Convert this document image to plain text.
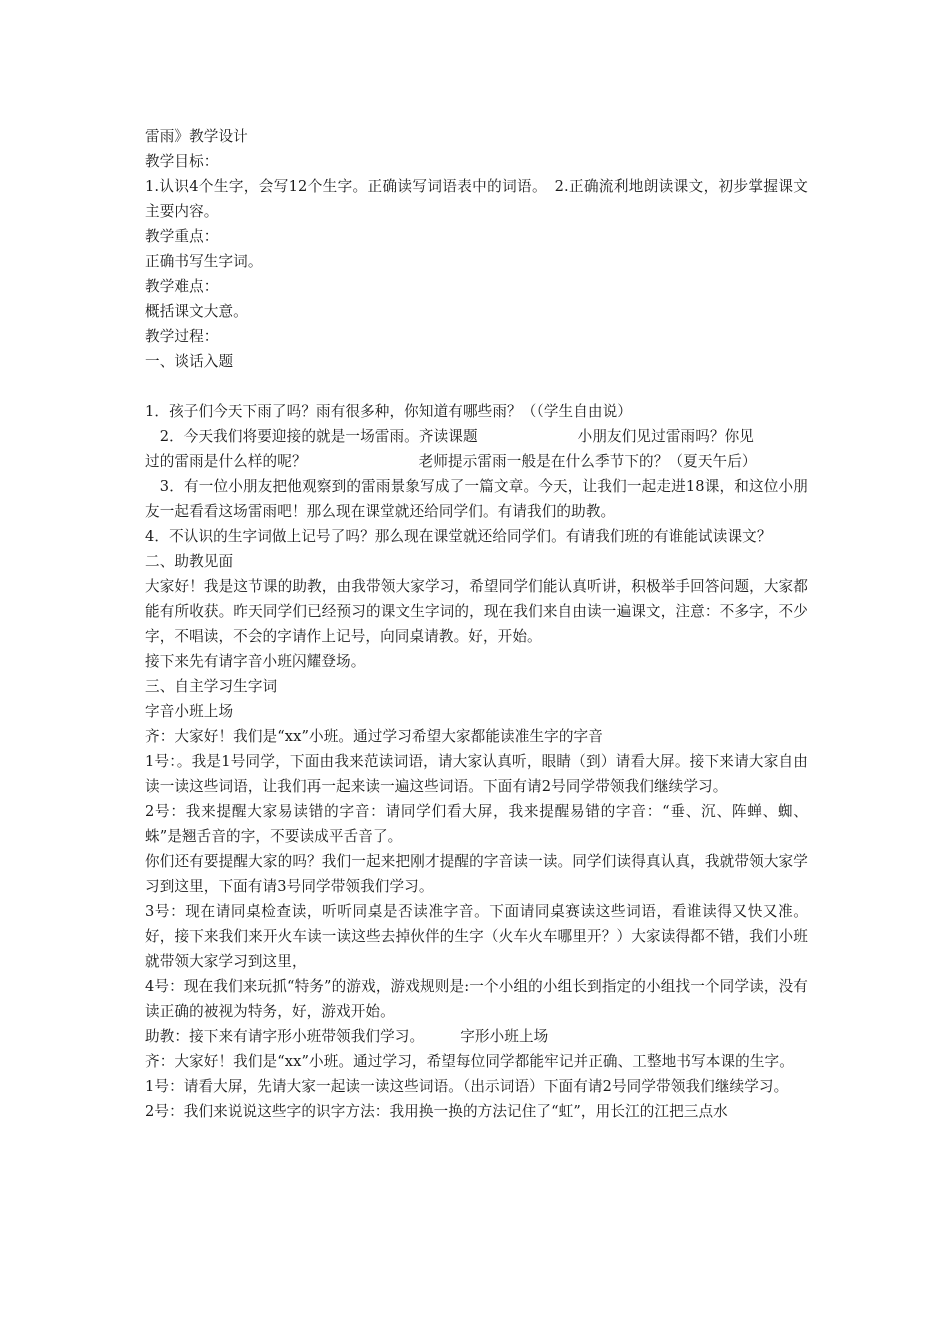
雷雨》教学设计
教学目标：
1.认识4个生字，会写12个生字。正确读写词语表中的词语。　2.正确流利地朗读课文，初步掌握课文主要内容。
教学重点：
正确书写生字词。
教学难点：
概括课文大意。
教学过程：
一、谈话入题
1．孩子们今天下雨了吗？雨有很多种，你知道有哪些雨？（（学生自由说）
　2．今天我们将要迎接的就是一场雷雨。齐读课题	小朋友们见过雷雨吗？你见
过的雷雨是什么样的呢？	老师提示雷雨一般是在什么季节下的？（夏天午后）
　3．有一位小朋友把他观察到的雷雨景象写成了一篇文章。今天，让我们一起走进18课，和这位小朋友一起看看这场雷雨吧！那么现在课堂就还给同学们。有请我们的助教。
4．不认识的生字词做上记号了吗？那么现在课堂就还给同学们。有请我们班的有谁能试读课文？
二、助教见面
大家好！我是这节课的助教，由我带领大家学习，希望同学们能认真听讲，积极举手回答问题，大家都能有所收获。昨天同学们已经预习的课文生字词的，现在我们来自由读一遍课文，注意：不多字，不少字，不唱读，不会的字请作上记号，向同桌请教。好，开始。
接下来先有请字音小班闪耀登场。
三、自主学习生字词
字音小班上场
齐：大家好！我们是“xx”小班。通过学习希望大家都能读准生字的字音
1号：。我是1号同学，下面由我来范读词语，请大家认真听，眼睛（到）请看大屏。接下来请大家自由读一读这些词语，让我们再一起来读一遍这些词语。下面有请2号同学带领我们继续学习。
2号：我来提醒大家易读错的字音：请同学们看大屏，我来提醒易错的字音：“垂、沉、阵蝉、蜘、蛛”是翘舌音的字，不要读成平舌音了。
你们还有要提醒大家的吗？我们一起来把刚才提醒的字音读一读。同学们读得真认真，我就带领大家学习到这里，下面有请3号同学带领我们学习。
3号：现在请同桌检查读，听听同桌是否读准字音。下面请同桌赛读这些词语，看谁读得又快又准。好，接下来我们来开火车读一读这些去掉伙伴的生字（火车火车哪里开？）大家读得都不错，我们小班就带领大家学习到这里，
4号：现在我们来玩抓“特务”的游戏，游戏规则是:一个小组的小组长到指定的小组找一个同学读，没有读正确的被视为特务，好，游戏开始。
助教：接下来有请字形小班带领我们学习。 字形小班上场
齐：大家好！我们是“xx”小班。通过学习，希望每位同学都能牢记并正确、工整地书写本课的生字。
1号：请看大屏，先请大家一起读一读这些词语。（出示词语）下面有请2号同学带领我们继续学习。
2号：我们来说说这些字的识字方法：我用换一换的方法记住了“虹”，用长江的江把三点水
